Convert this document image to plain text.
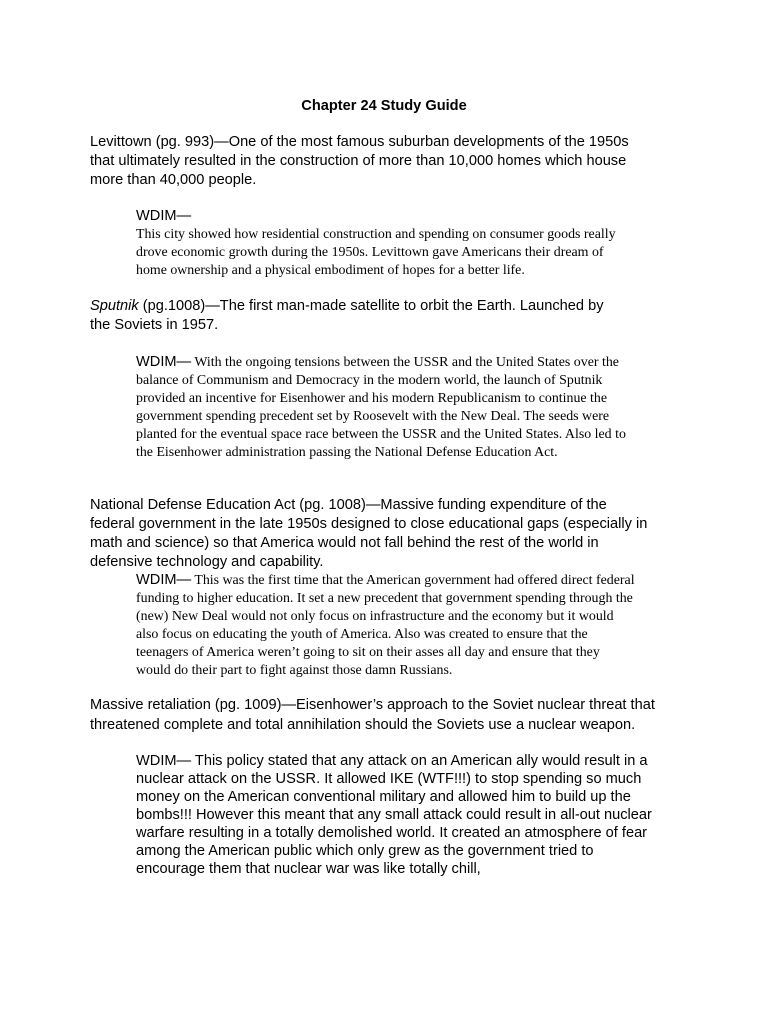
Chapter 24 Study Guide

Levittown (pg. 993)—One of the most famous suburban developments of the 1950s
that ultimately resulted in the construction of more than 10,000 homes which house
more than 40,000 people.

WDIM—

This city showed how residential construction and spending on consumer goods really
drove economic growth during the 1950s. Levittown gave Americans their dream of
home ownership and a physical embodiment of hopes for a better life.

Sputnik (pg.1008)—The first man-made satellite to orbit the Earth. Launched by
the Soviets in 1957.

WDIM— With the ongoing tensions between the USSR and the United States over the
balance of Communism and Democracy in the modern world, the launch of Sputnik
provided an incentive for Eisenhower and his modern Republicanism to continue the
government spending precedent set by Roosevelt with the New Deal. The seeds were
planted for the eventual space race between the USSR and the United States. Also led to
the Eisenhower administration passing the National Defense Education Act.

National Defense Education Act (pg. 1008)—Massive funding expenditure of the
federal government in the late 1950s designed to close educational gaps (especially in
math and science) so that America would not fall behind the rest of the world in
defensive technology and capability.

WDIM— This was the first time that the American government had offered direct federal
funding to higher education. It set a new precedent that government spending through the
(new) New Deal would not only focus on infrastructure and the economy but it would
also focus on educating the youth of America. Also was created to ensure that the
teenagers of America weren’t going to sit on their asses all day and ensure that they
would do their part to fight against those damn Russians.

Massive retaliation (pg. 1009)—Eisenhower’s approach to the Soviet nuclear threat that
threatened complete and total annihilation should the Soviets use a nuclear weapon.

WDIM— This policy stated that any attack on an American ally would result in a
nuclear attack on the USSR. It allowed IKE (WTF!!!) to stop spending so much
money on the American conventional military and allowed him to build up the
bombs!!! However this meant that any small attack could result in all-out nuclear
warfare resulting in a totally demolished world. It created an atmosphere of fear
among the American public which only grew as the government tried to
encourage them that nuclear war was like totally chill,
